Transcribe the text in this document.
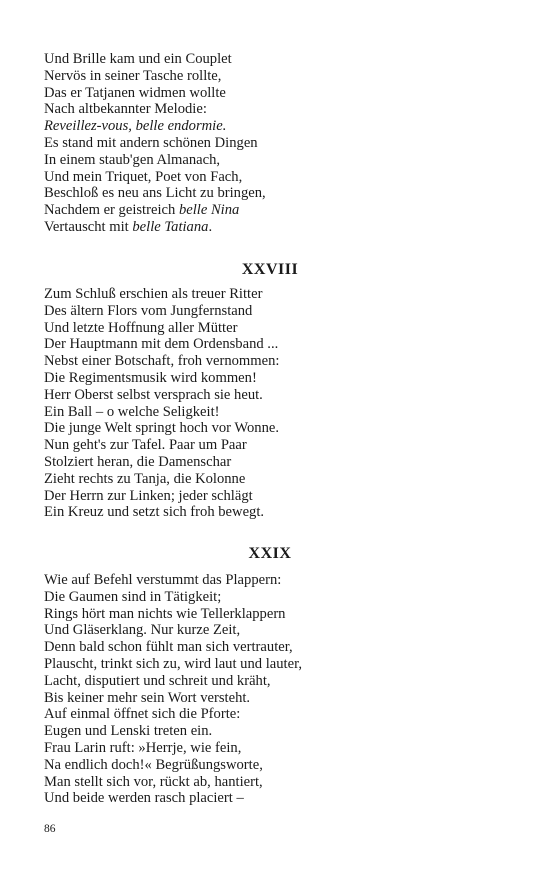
Und Brille kam und ein Couplet
Nervös in seiner Tasche rollte,
Das er Tatjanen widmen wollte
Nach altbekannter Melodie:
Reveillez-vous, belle endormie.
Es stand mit andern schönen Dingen
In einem staub'gen Almanach,
Und mein Triquet, Poet von Fach,
Beschloß es neu ans Licht zu bringen,
Nachdem er geistreich belle Nina
Vertauscht mit belle Tatiana.
XXVIII
Zum Schluß erschien als treuer Ritter
Des ältern Flors vom Jungfernstand
Und letzte Hoffnung aller Mütter
Der Hauptmann mit dem Ordensband ...
Nebst einer Botschaft, froh vernommen:
Die Regimentsmusik wird kommen!
Herr Oberst selbst versprach sie heut.
Ein Ball – o welche Seligkeit!
Die junge Welt springt hoch vor Wonne.
Nun geht's zur Tafel. Paar um Paar
Stolziert heran, die Damenschar
Zieht rechts zu Tanja, die Kolonne
Der Herrn zur Linken; jeder schlägt
Ein Kreuz und setzt sich froh bewegt.
XXIX
Wie auf Befehl verstummt das Plappern:
Die Gaumen sind in Tätigkeit;
Rings hört man nichts wie Tellerklappern
Und Gläserklang. Nur kurze Zeit,
Denn bald schon fühlt man sich vertrauter,
Plauscht, trinkt sich zu, wird laut und lauter,
Lacht, disputiert und schreit und kräht,
Bis keiner mehr sein Wort versteht.
Auf einmal öffnet sich die Pforte:
Eugen und Lenski treten ein.
Frau Larin ruft: »Herrje, wie fein,
Na endlich doch!« Begrüßungsworte,
Man stellt sich vor, rückt ab, hantiert,
Und beide werden rasch placiert –
86
